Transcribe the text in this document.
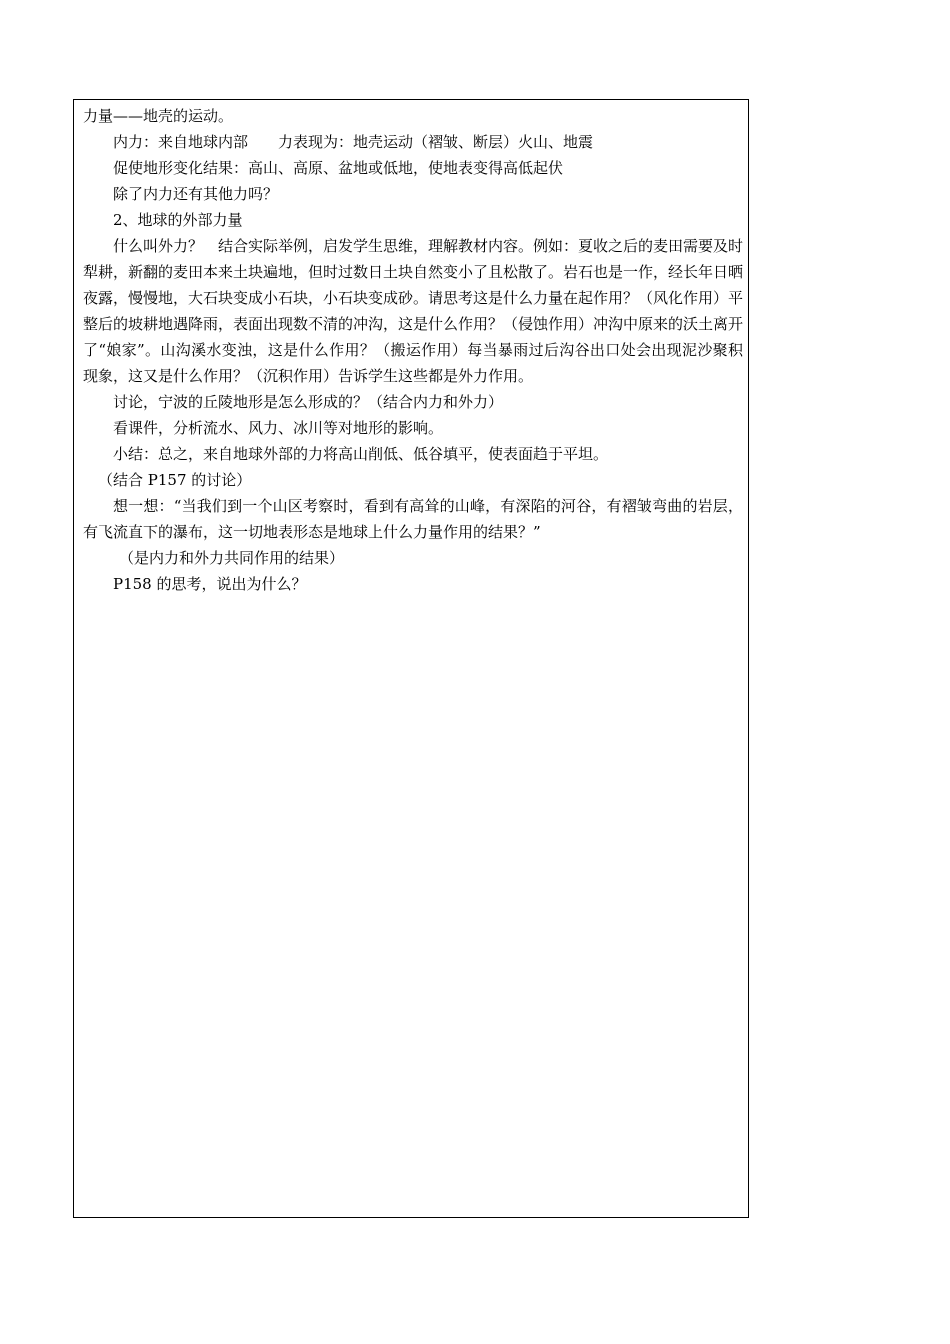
力量——地壳的运动。

内力：来自地球内部　　力表现为：地壳运动（褶皱、断层）火山、地震

促使地形变化结果：高山、高原、盆地或低地，使地表变得高低起伏

除了内力还有其他力吗？

2、地球的外部力量

什么叫外力？　结合实际举例，启发学生思维，理解教材内容。例如：夏收之后的麦田需要及时犁耕，新翻的麦田本来土块遍地，但时过数日土块自然变小了且松散了。岩石也是一作，经长年日晒夜露，慢慢地，大石块变成小石块，小石块变成砂。请思考这是什么力量在起作用？（风化作用）平整后的坡耕地遇降雨，表面出现数不清的冲沟，这是什么作用？（侵蚀作用）冲沟中原来的沃土离开了“娘家”。山沟溪水变浊，这是什么作用？（搬运作用）每当暴雨过后沟谷出口处会出现泥沙聚积现象，这又是什么作用？（沉积作用）告诉学生这些都是外力作用。

讨论，宁波的丘陵地形是怎么形成的？（结合内力和外力）

看课件，分析流水、风力、冰川等对地形的影响。

小结：总之，来自地球外部的力将高山削低、低谷填平，使表面趋于平坦。

（结合 P157 的讨论）

想一想：“当我们到一个山区考察时，看到有高耸的山峰，有深陷的河谷，有褶皱弯曲的岩层，有飞流直下的瀑布，这一切地表形态是地球上什么力量作用的结果？”

（是内力和外力共同作用的结果）

P158 的思考，说出为什么？
